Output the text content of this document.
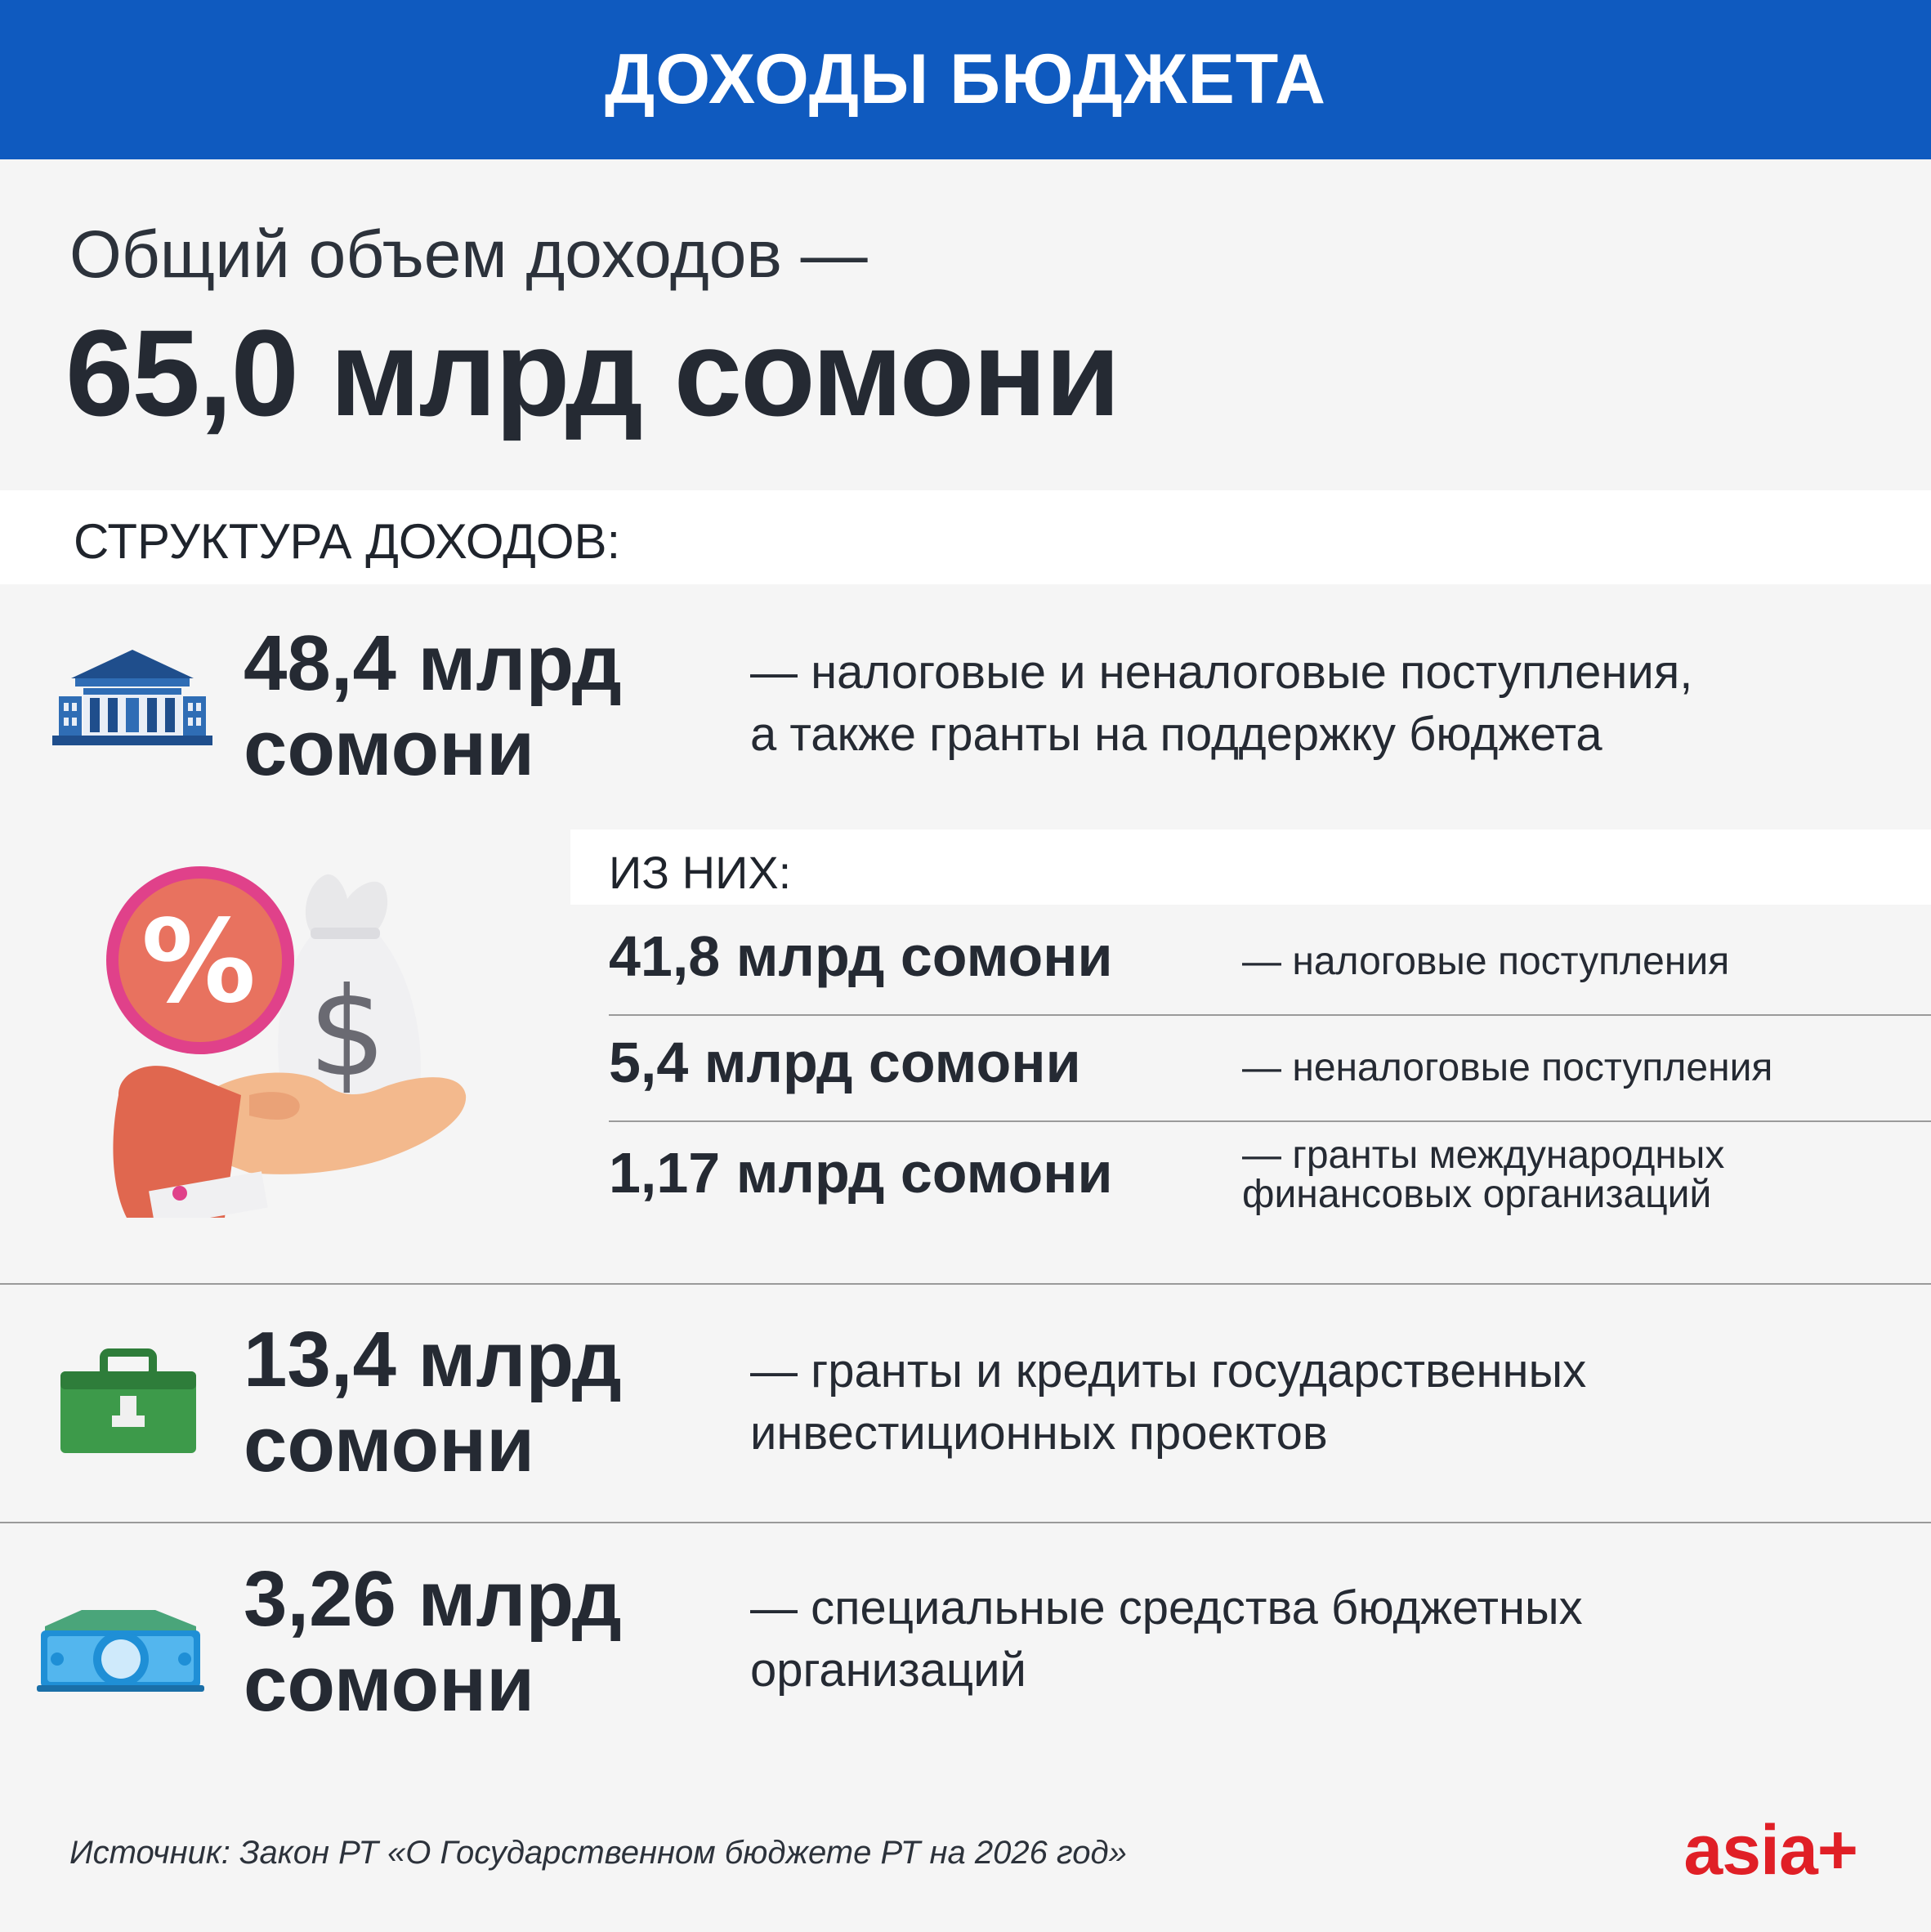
ДОХОДЫ БЮДЖЕТА
Общий объем доходов —
65,0 млрд сомони
СТРУКТУРА ДОХОДОВ:
48,4 млрд
сомони
— налоговые и неналоговые поступления,
а также гранты на поддержку бюджета
$
%
ИЗ НИХ:
41,8 млрд сомони	— налоговые поступления
5,4 млрд сомони	— неналоговые поступления
1,17 млрд сомони	— гранты международных
финансовых организаций
13,4 млрд
сомони
— гранты и кредиты государственных
инвестиционных проектов
3,26 млрд
сомони
— специальные средства бюджетных
организаций
Источник: Закон РТ «О Государственном бюджете РТ на 2026 год»	asia+
